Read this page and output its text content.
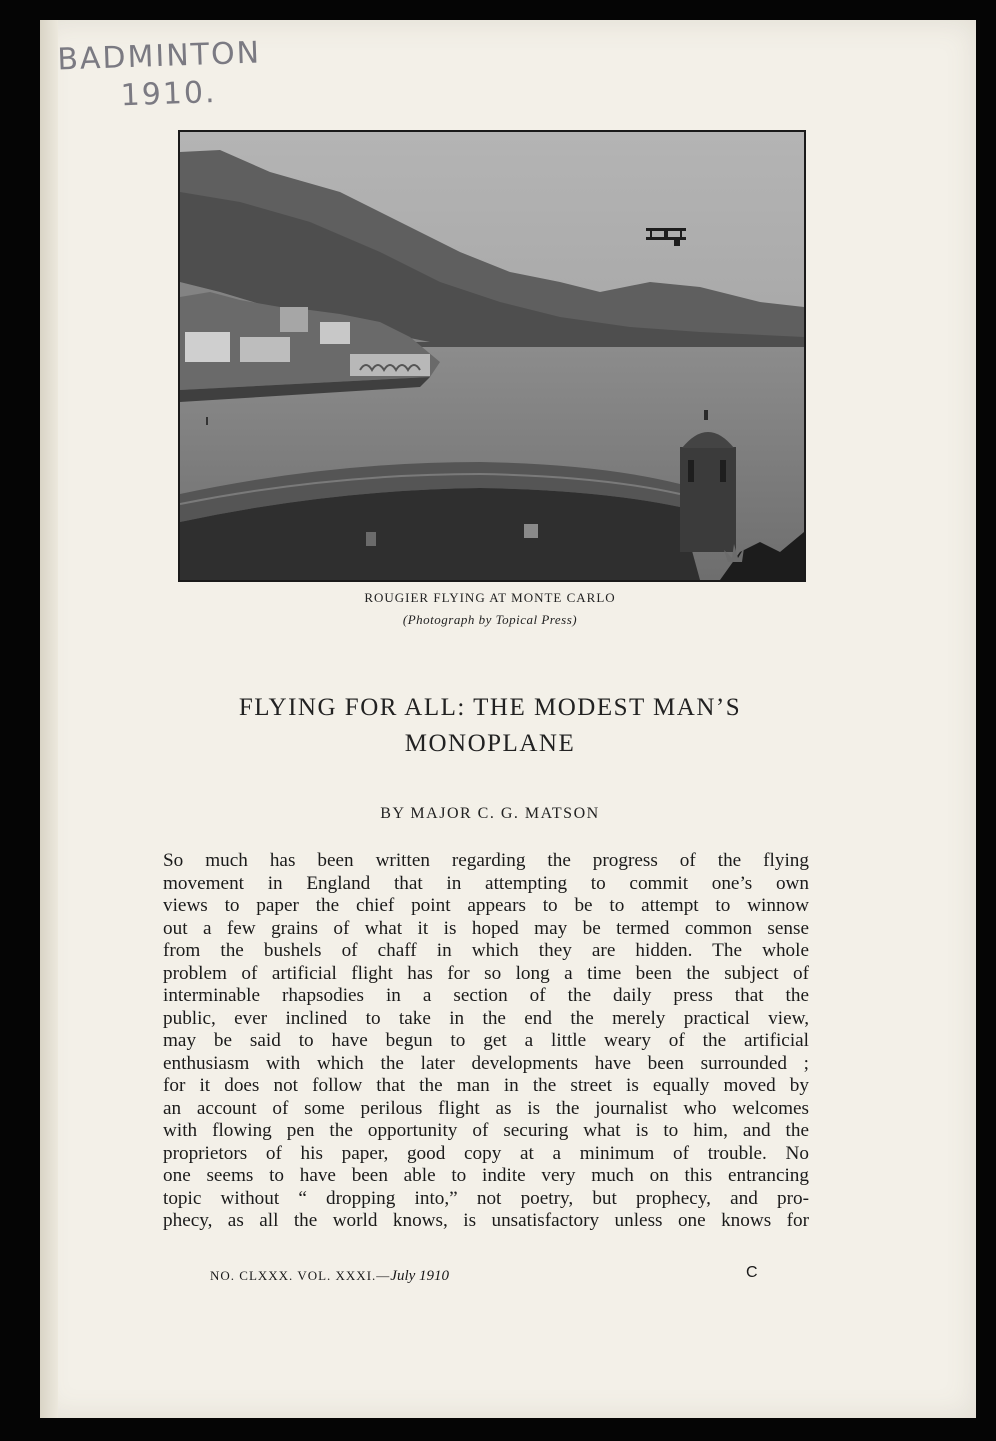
BADMINTON
1910.
ROUGIER FLYING AT MONTE CARLO
(Photograph by Topical Press)
FLYING FOR ALL: THE MODEST MAN’S
MONOPLANE
BY MAJOR C. G. MATSON
So much has been written regarding the progress of the flying
movement in England that in attempting to commit one’s own
views to paper the chief point appears to be to attempt to winnow
out a few grains of what it is hoped may be termed common sense
from the bushels of chaff in which they are hidden. The whole
problem of artificial flight has for so long a time been the subject of
interminable rhapsodies in a section of the daily press that the
public, ever inclined to take in the end the merely practical view,
may be said to have begun to get a little weary of the artificial
enthusiasm with which the later developments have been surrounded ;
for it does not follow that the man in the street is equally moved by
an account of some perilous flight as is the journalist who welcomes
with flowing pen the opportunity of securing what is to him, and the
proprietors of his paper, good copy at a minimum of trouble. No
one seems to have been able to indite very much on this entrancing
topic without “ dropping into,” not poetry, but prophecy, and pro-
phecy, as all the world knows, is unsatisfactory unless one knows for
NO. CLXXX. VOL. XXXI.—July 1910	C
